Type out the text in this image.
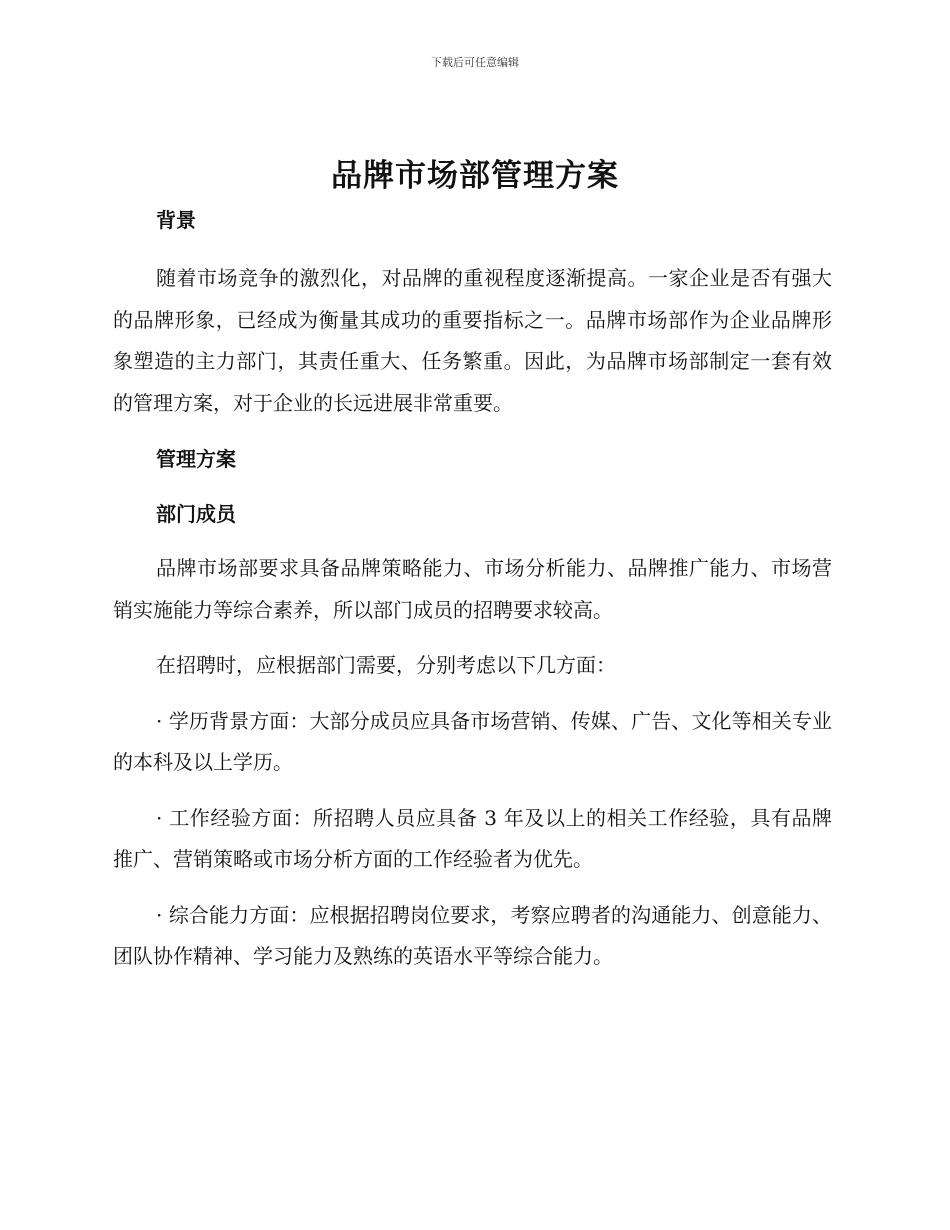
下载后可任意编辑
品牌市场部管理方案
背景

随着市场竞争的激烈化，对品牌的重视程度逐渐提高。一家企业是否有强大的品牌形象，已经成为衡量其成功的重要指标之一。品牌市场部作为企业品牌形象塑造的主力部门，其责任重大、任务繁重。因此，为品牌市场部制定一套有效的管理方案，对于企业的长远进展非常重要。

管理方案
部门成员

品牌市场部要求具备品牌策略能力、市场分析能力、品牌推广能力、市场营销实施能力等综合素养，所以部门成员的招聘要求较高。

在招聘时，应根据部门需要，分别考虑以下几方面：

· 学历背景方面：大部分成员应具备市场营销、传媒、广告、文化等相关专业的本科及以上学历。

· 工作经验方面：所招聘人员应具备 3 年及以上的相关工作经验，具有品牌推广、营销策略或市场分析方面的工作经验者为优先。

· 综合能力方面：应根据招聘岗位要求，考察应聘者的沟通能力、创意能力、团队协作精神、学习能力及熟练的英语水平等综合能力。
